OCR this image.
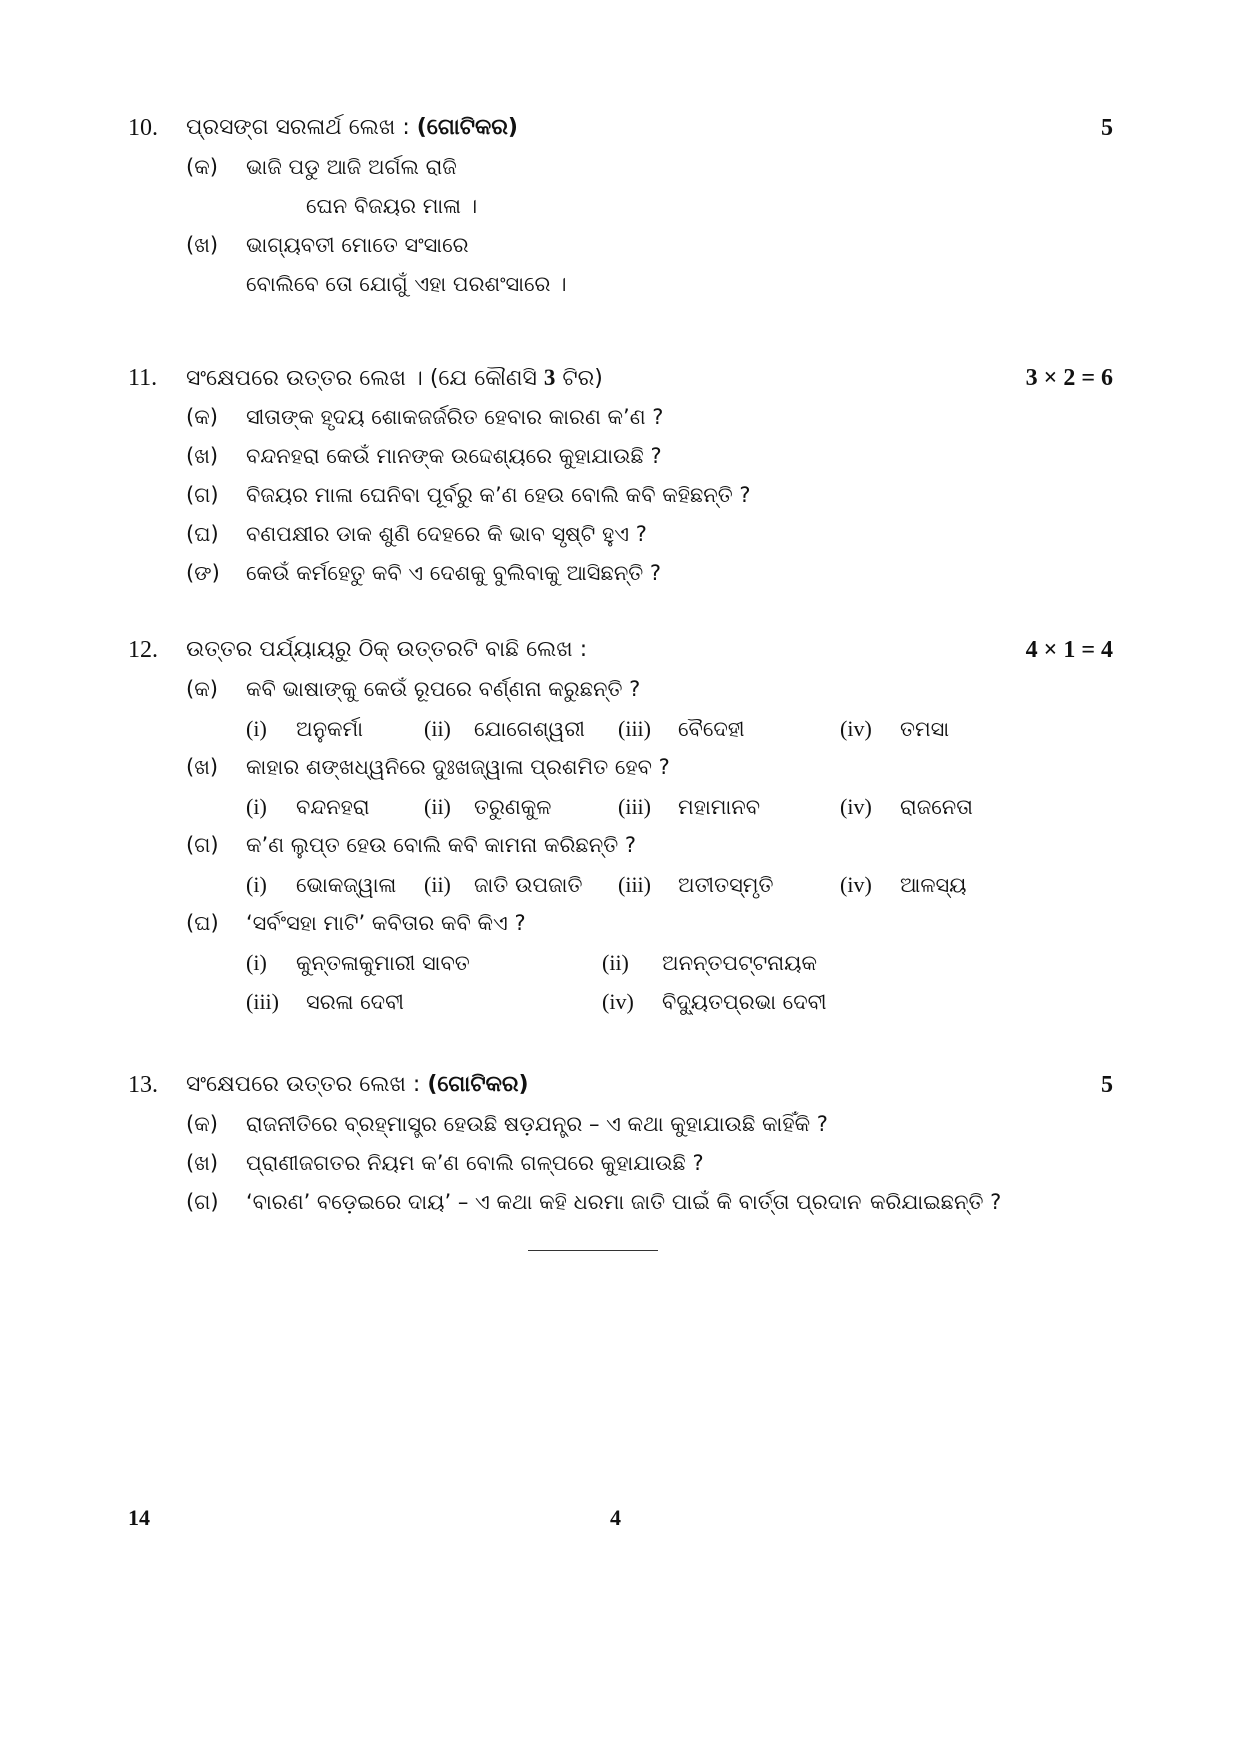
10. ପ୍ରସଙ୍ଗ ସରଳାର୍ଥ ଲେଖ : (ଗୋଟିକର)	5
(କ) ଭାଜି ପଡୁ ଆଜି ଅର୍ଗଲ ରାଜି
ଘେନ ବିଜୟର ମାଳା ।
(ଖ) ଭାଗ୍ୟବତୀ ମୋତେ ସଂସାରେ
ବୋଲିବେ ତୋ ଯୋଗୁଁ ଏହା ପରଶଂସାରେ ।
11. ସଂକ୍ଷେପରେ ଉତ୍ତର ଲେଖ । (ଯେ କୌଣସି 3 ଟିର)	3 × 2 = 6
(କ) ସୀତାଙ୍କ ହୃଦୟ ଶୋକଜର୍ଜରିତ ହେବାର କାରଣ କ’ଣ ?
(ଖ) ବନ୍ଦନହରା କେଉଁ ମାନଙ୍କ ଉଦ୍ଦେଶ୍ୟରେ କୁହାଯାଉଛି ?
(ଗ) ବିଜୟର ମାଳା ଘେନିବା ପୂର୍ବରୁ କ’ଣ ହେଉ ବୋଲି କବି କହିଛନ୍ତି ?
(ଘ) ବଣପକ୍ଷୀର ଡାକ ଶୁଣି ଦେହରେ କି ଭାବ ସୃଷ୍ଟି ହୁଏ ?
(ଙ) କେଉଁ କର୍ମହେତୁ କବି ଏ ଦେଶକୁ ବୁଲିବାକୁ ଆସିଛନ୍ତି ?
12. ଉତ୍ତର ପର୍ଯ୍ୟାୟରୁ ଠିକ୍ ଉତ୍ତରଟି ବାଛି ଲେଖ :	4 × 1 = 4
(କ) କବି ଭାଷାଙ୍କୁ କେଉଁ ରୂପରେ ବର୍ଣ୍ଣନା କରୁଛନ୍ତି ?
(i) ଅନୁକର୍ମା	(ii) ଯୋଗେଶ୍ୱରୀ (iii) ବୈଦେହୀ	(iv) ତମସା
(ଖ) କାହାର ଶଙ୍ଖଧ୍ୱନିରେ ଦୁଃଖଜ୍ୱାଳା ପ୍ରଶମିତ ହେବ ?
(i) ବନ୍ଦନହରା (ii) ତରୁଣକୁଳ	(iii) ମହାମାନବ	(iv) ରାଜନେତା
(ଗ) କ’ଣ ଲୁପ୍ତ ହେଉ ବୋଲି କବି କାମନା କରିଛନ୍ତି ?
(i) ଭୋକଜ୍ୱାଳା (ii) ଜାତି ଉପଜାତି (iii) ଅତୀତସ୍ମୃତି	(iv) ଆଳସ୍ୟ
(ଘ) ‘ସର୍ବଂସହା ମାଟି’ କବିତାର କବି କିଏ ?
(i) କୁନ୍ତଳାକୁମାରୀ ସାବତ	(ii) ଅନନ୍ତପଟ୍ଟନାୟକ
(iii) ସରଳା ଦେବୀ	(iv) ବିଦ୍ୟୁତପ୍ରଭା ଦେବୀ
13. ସଂକ୍ଷେପରେ ଉତ୍ତର ଲେଖ : (ଗୋଟିକର)	5
(କ) ରାଜନୀତିରେ ବ୍ରହ୍ମାସ୍ତ୍ର ହେଉଛି ଷଡ଼ଯନ୍ତ୍ର – ଏ କଥା କୁହାଯାଉଛି କାହିଁକି ?
(ଖ) ପ୍ରାଣୀଜଗତର ନିୟମ କ’ଣ ବୋଲି ଗଳ୍ପରେ କୁହାଯାଉଛି ?
(ଗ) ‘ବାରଣ’ ବଡ଼େଇରେ ଦାୟ’ – ଏ କଥା କହି ଧରମା ଜାତି ପାଇଁ କି ବାର୍ତ୍ତା ପ୍ରଦାନ କରିଯାଇଛନ୍ତି ?
14	4
